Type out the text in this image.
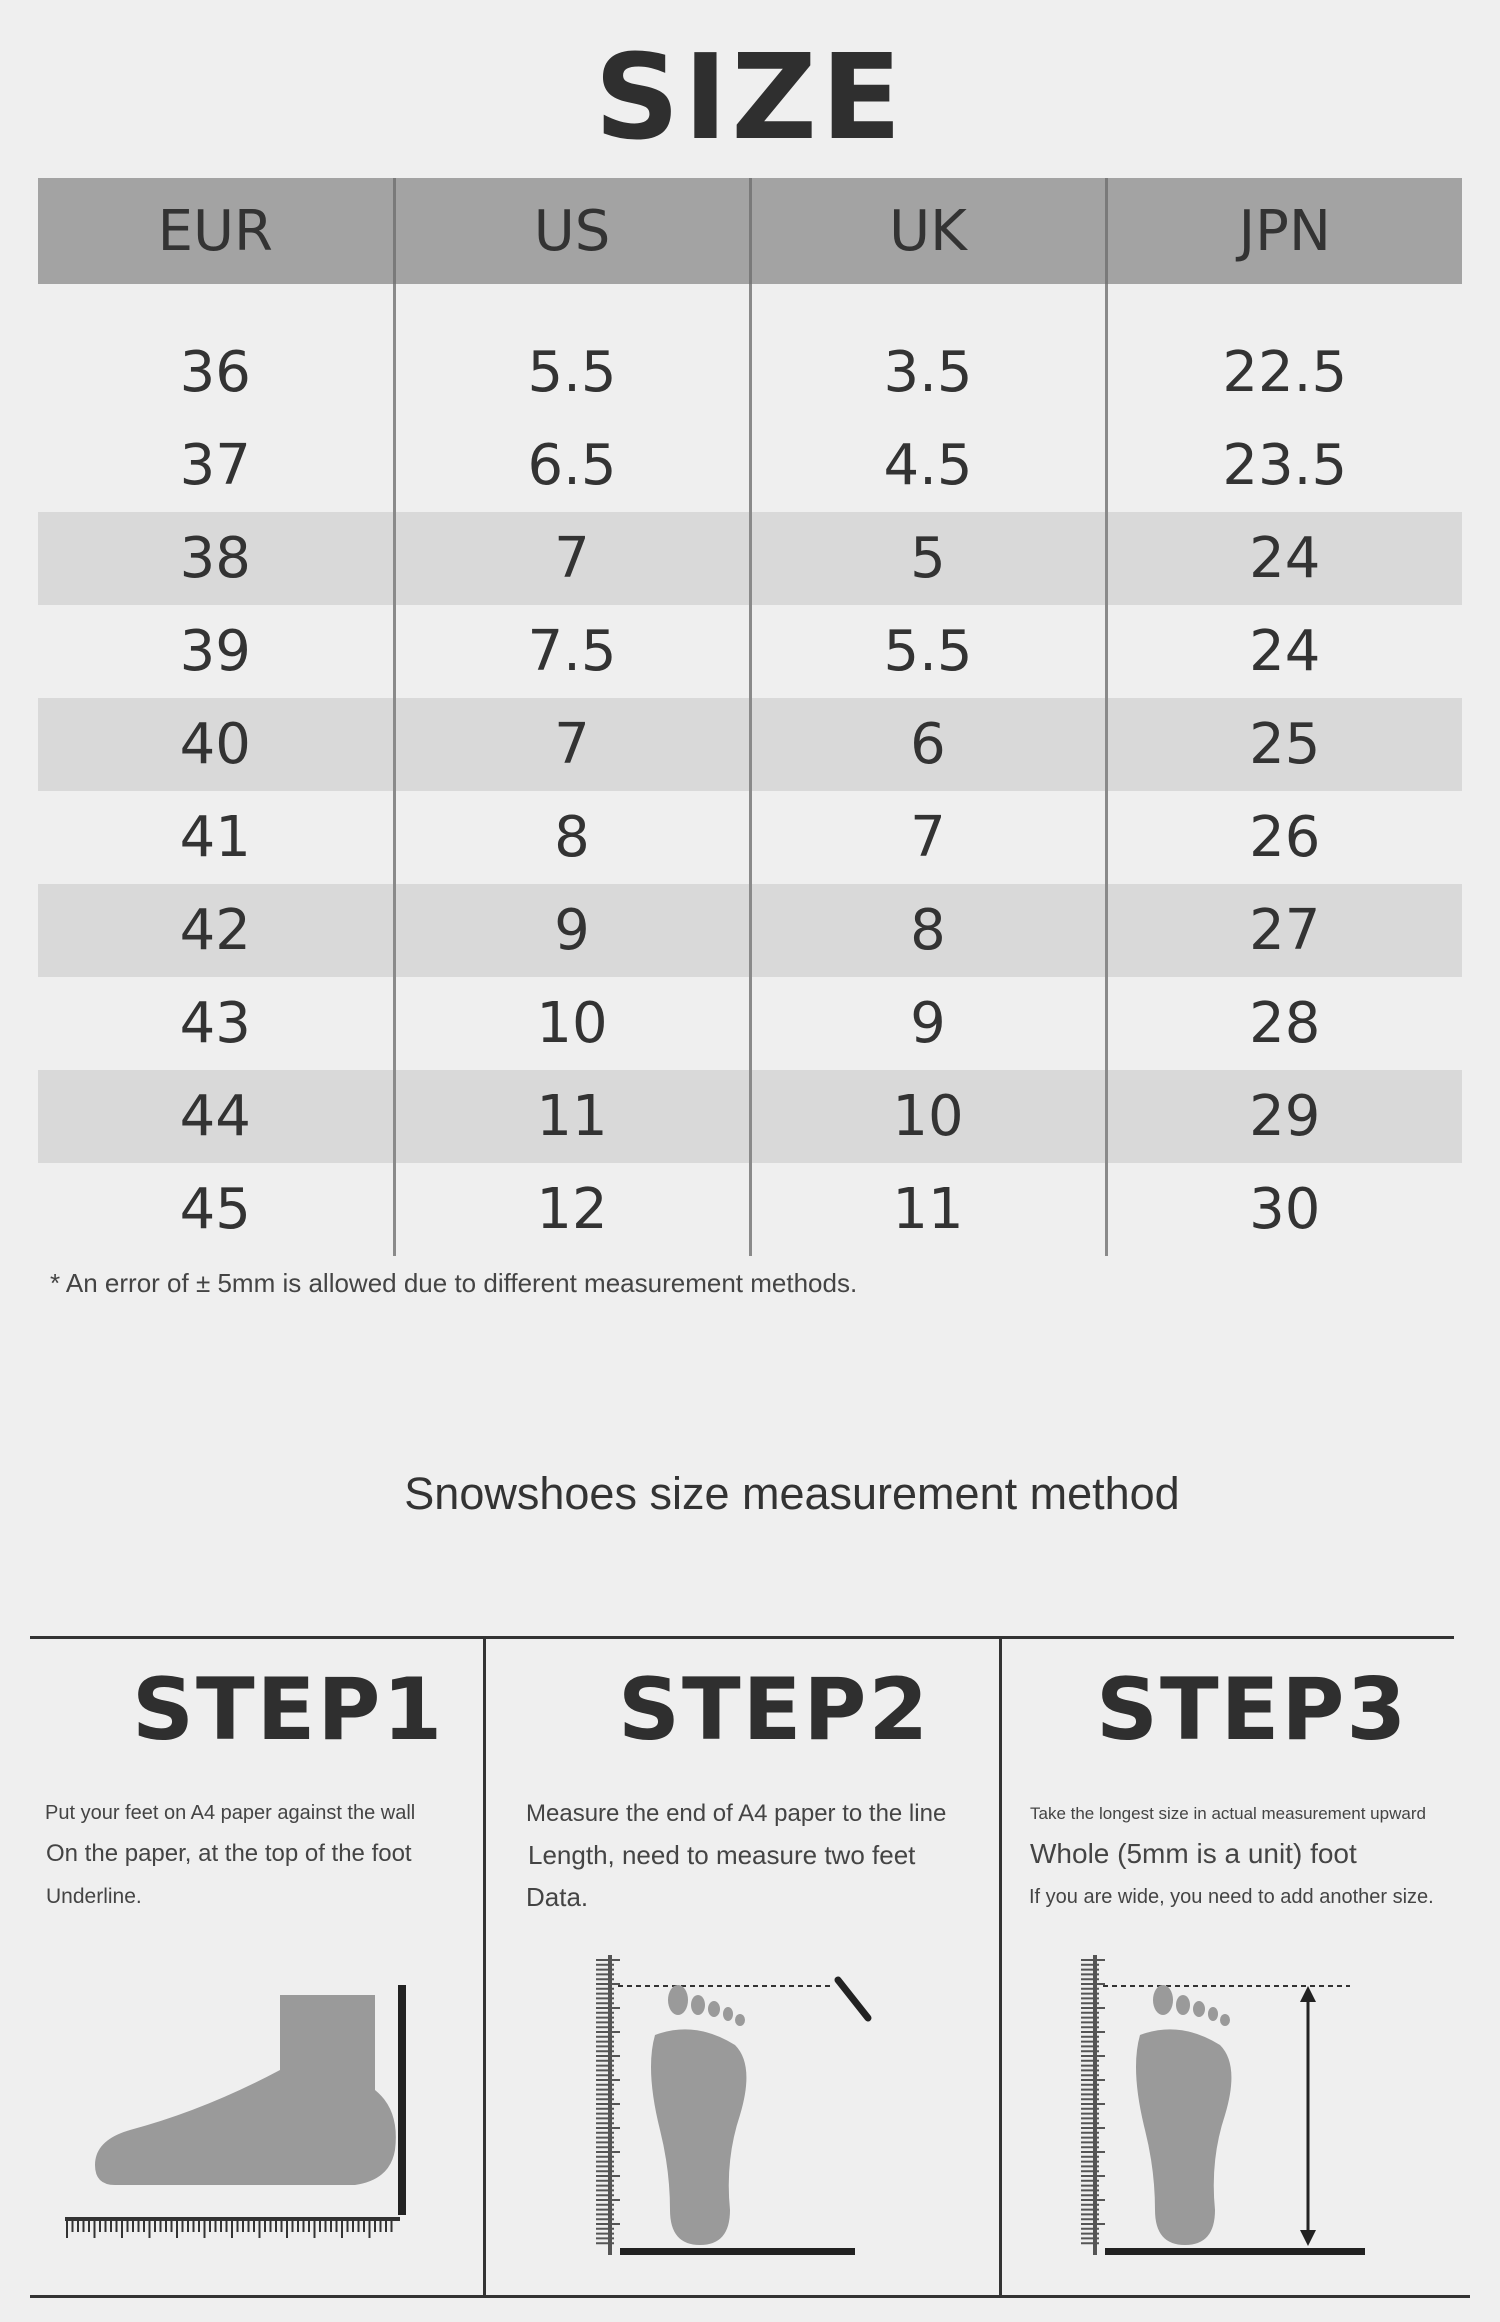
SIZE
EUR	US	UK	JPN

36	5.5	3.5	22.5
37	6.5	4.5	23.5
38	7	5	24
39	7.5	5.5	24
40	7	6	25
41	8	7	26
42	9	8	27
43	10	9	28
44	11	10	29
45	12	11	30
* An error of ± 5mm is allowed due to different measurement methods.
Snowshoes size measurement method
STEP1
Put your feet on A4 paper against the wall
On the paper, at the top of the foot
Underline.
STEP2
Measure the end of A4 paper to the line
Length, need to measure two feet
Data.
STEP3
Take the longest size in actual measurement upward
Whole (5mm is a unit) foot
If you are wide, you need to add another size.
